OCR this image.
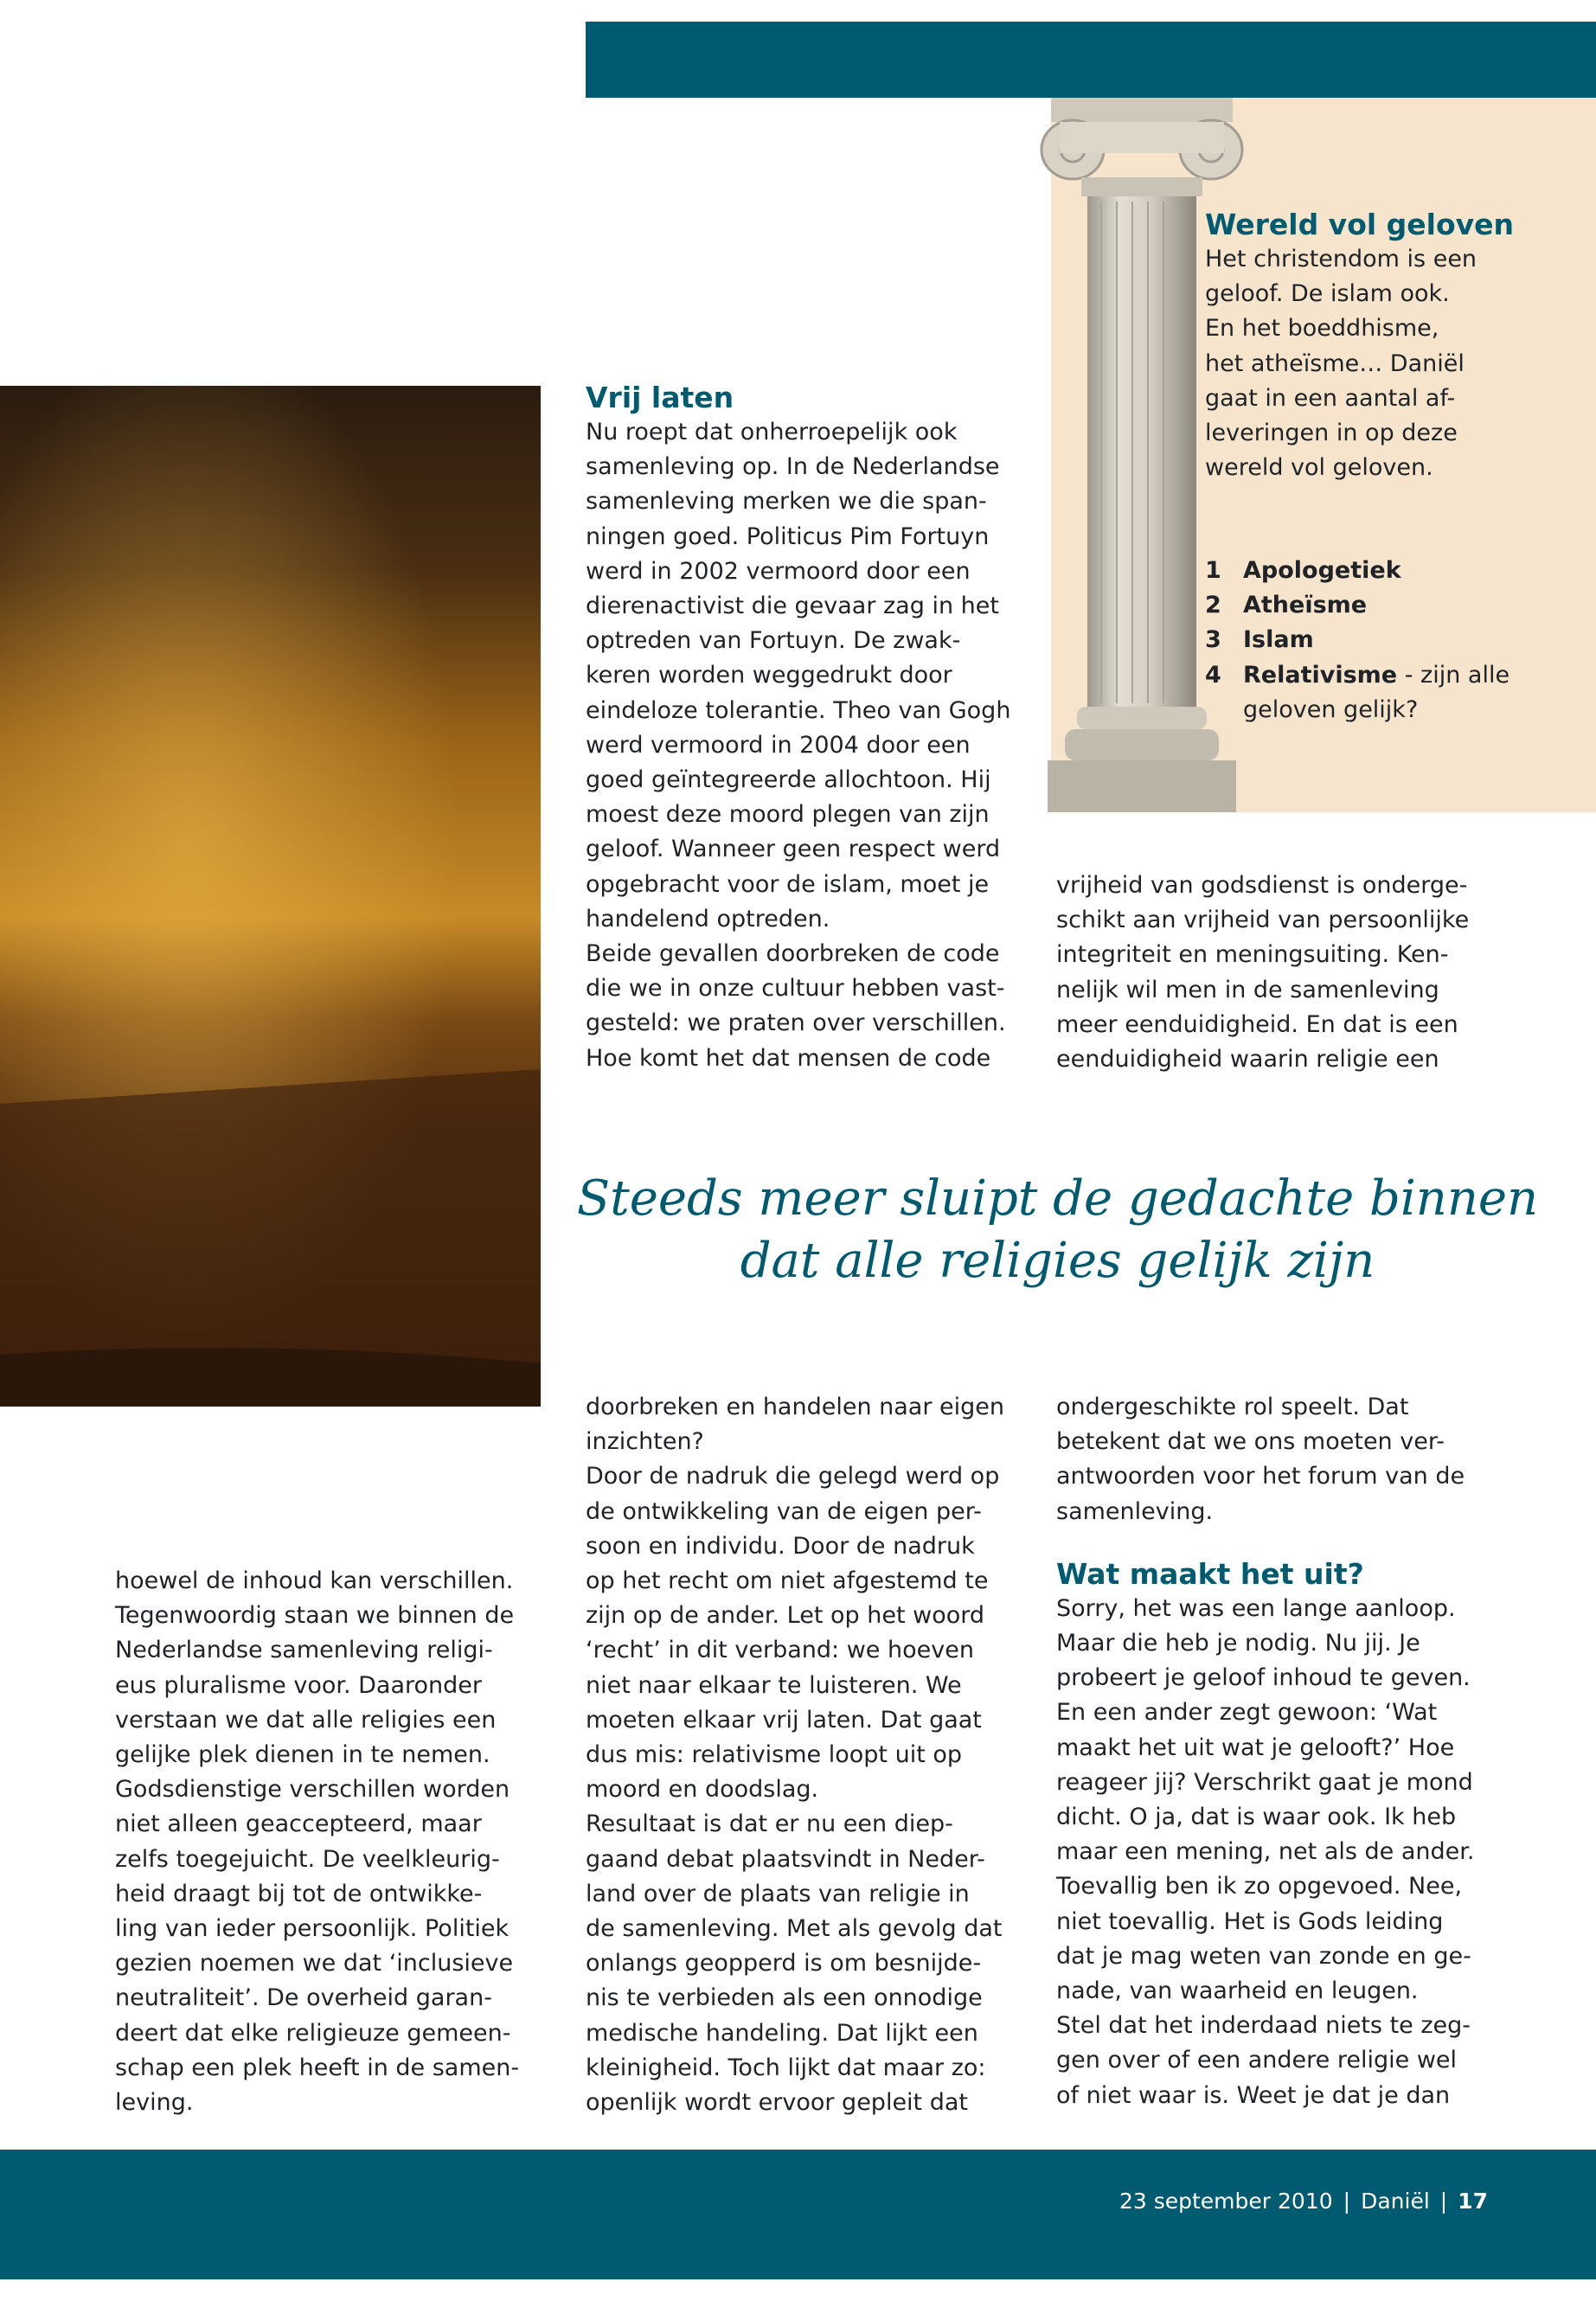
Wereld vol geloven
Het christendom is een
geloof. De islam ook.
En het boeddhisme,
het atheïsme… Daniël
gaat in een aantal af-
leveringen in op deze
wereld vol geloven.
1 Apologetiek
2 Atheïsme
3 Islam
4 Relativisme - zijn alle
geloven gelijk?
Vrij laten
Nu roept dat onherroepelijk ook
samenleving op. In de Nederlandse
samenleving merken we die span-
ningen goed. Politicus Pim Fortuyn
werd in 2002 vermoord door een
dierenactivist die gevaar zag in het
optreden van Fortuyn. De zwak-
keren worden weggedrukt door
eindeloze tolerantie. Theo van Gogh
werd vermoord in 2004 door een
goed geïntegreerde allochtoon. Hij
moest deze moord plegen van zijn
geloof. Wanneer geen respect werd
opgebracht voor de islam, moet je
handelend optreden.
Beide gevallen doorbreken de code
die we in onze cultuur hebben vast-
gesteld: we praten over verschillen.
Hoe komt het dat mensen de code
vrijheid van godsdienst is onderge-
schikt aan vrijheid van persoonlijke
integriteit en meningsuiting. Ken-
nelijk wil men in de samenleving
meer eenduidigheid. En dat is een
eenduidigheid waarin religie een
Steeds meer sluipt de gedachte binnen
dat alle religies gelijk zijn
hoewel de inhoud kan verschillen.
Tegenwoordig staan we binnen de
Nederlandse samenleving religi-
eus pluralisme voor. Daaronder
verstaan we dat alle religies een
gelijke plek dienen in te nemen.
Godsdienstige verschillen worden
niet alleen geaccepteerd, maar
zelfs toegejuicht. De veelkleurig-
heid draagt bij tot de ontwikke-
ling van ieder persoonlijk. Politiek
gezien noemen we dat ‘inclusieve
neutraliteit’. De overheid garan-
deert dat elke religieuze gemeen-
schap een plek heeft in de samen-
leving.
doorbreken en handelen naar eigen
inzichten?
Door de nadruk die gelegd werd op
de ontwikkeling van de eigen per-
soon en individu. Door de nadruk
op het recht om niet afgestemd te
zijn op de ander. Let op het woord
‘recht’ in dit verband: we hoeven
niet naar elkaar te luisteren. We
moeten elkaar vrij laten. Dat gaat
dus mis: relativisme loopt uit op
moord en doodslag.
Resultaat is dat er nu een diep-
gaand debat plaatsvindt in Neder-
land over de plaats van religie in
de samenleving. Met als gevolg dat
onlangs geopperd is om besnijde-
nis te verbieden als een onnodige
medische handeling. Dat lijkt een
kleinigheid. Toch lijkt dat maar zo:
openlijk wordt ervoor gepleit dat
ondergeschikte rol speelt. Dat
betekent dat we ons moeten ver-
antwoorden voor het forum van de
samenleving.
Wat maakt het uit?
Sorry, het was een lange aanloop.
Maar die heb je nodig. Nu jij. Je
probeert je geloof inhoud te geven.
En een ander zegt gewoon: ‘Wat
maakt het uit wat je gelooft?’ Hoe
reageer jij? Verschrikt gaat je mond
dicht. O ja, dat is waar ook. Ik heb
maar een mening, net als de ander.
Toevallig ben ik zo opgevoed. Nee,
niet toevallig. Het is Gods leiding
dat je mag weten van zonde en ge-
nade, van waarheid en leugen.
Stel dat het inderdaad niets te zeg-
gen over of een andere religie wel
of niet waar is. Weet je dat je dan
23 september 2010 | Daniël | 17
